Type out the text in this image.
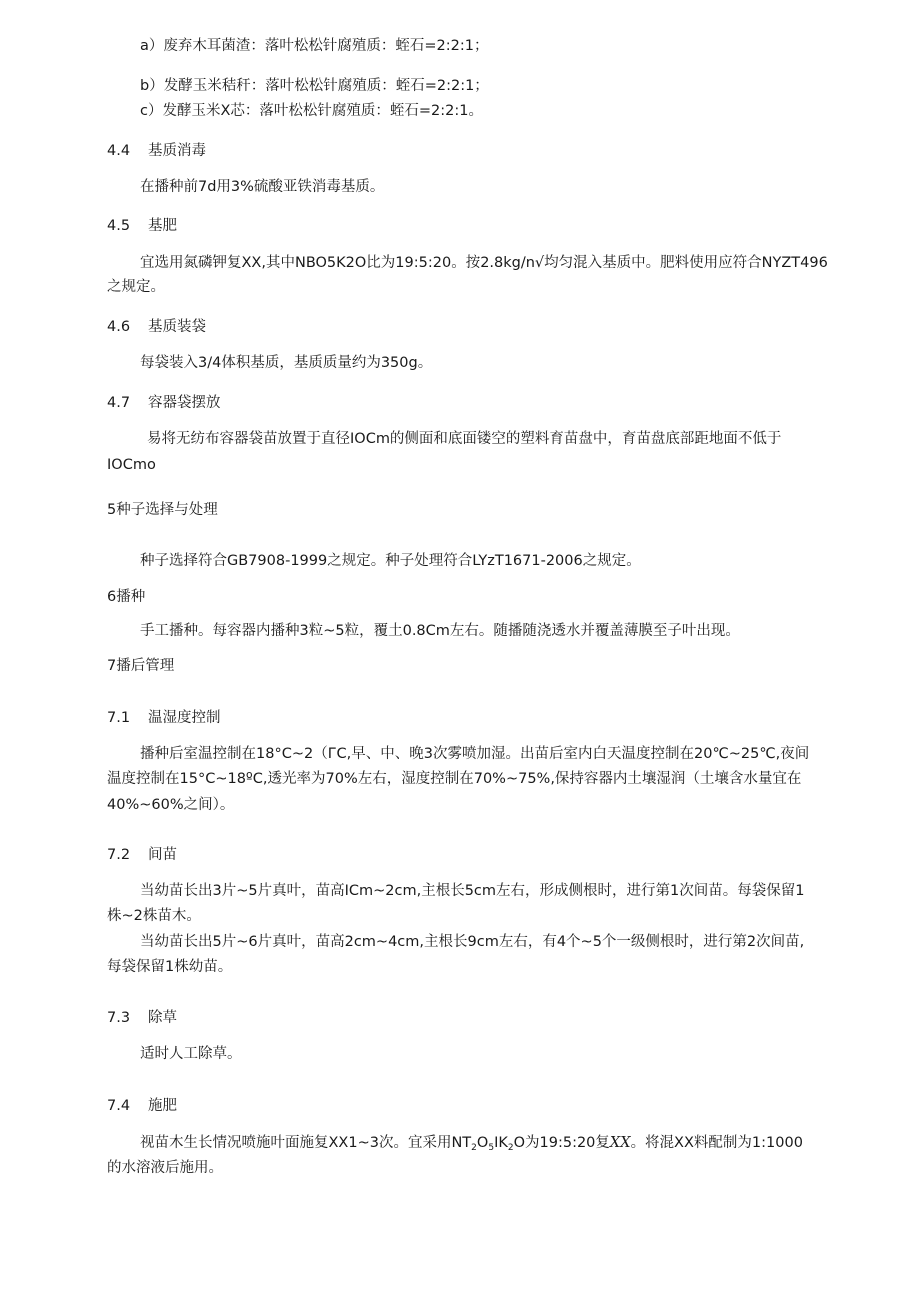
a）废弃木耳菌渣：落叶松松针腐殖质：蛭石=2:2:1；
b）发酵玉米秸秆：落叶松松针腐殖质：蛭石=2:2:1；
c）发酵玉米X芯：落叶松松针腐殖质：蛭石=2:2:1。
4.4 基质消毒
在播种前7d用3%硫酸亚铁消毒基质。
4.5 基肥
宜选用氮磷钾复XX,其中NBO5K2O比为19:5:20。按2.8kg∕n√均匀混入基质中。肥料使用应符合NYZT496
之规定。
4.6 基质装袋
每袋装入3/4体积基质，基质质量约为350g。
4.7 容器袋摆放
易将无纺布容器袋苗放置于直径IOCm的侧面和底面镂空的塑料育苗盘中，育苗盘底部距地面不低于
IOCmo
5种子选择与处理
种子选择符合GB7908-1999之规定。种子处理符合LYzT1671-2006之规定。
6播种
手工播种。每容器内播种3粒~5粒，覆土0.8Cm左右。随播随浇透水并覆盖薄膜至子叶出现。
7播后管理
7.1 温湿度控制
播种后室温控制在18°C~2（ГC,早、中、晚3次雾喷加湿。出苗后室内白天温度控制在20℃~25℃,夜间
温度控制在15°C~18ºC,透光率为70%左右，湿度控制在70%~75%,保持容器内土壤湿润（土壤含水量宜在
40%~60%之间）。
7.2 间苗
当幼苗长出3片~5片真叶，苗高ICm~2cm,主根长5cm左右，形成侧根时，进行第1次间苗。每袋保留1
株~2株苗木。
当幼苗长出5片~6片真叶，苗高2cm~4cm,主根长9cm左右，有4个~5个一级侧根时，进行第2次间苗,
每袋保留1株幼苗。
7.3 除草
适时人工除草。
7.4 施肥
视苗木生长情况喷施叶面施复XX1~3次。宜采用$NT_2O_5IK_2O$为19:5:20复XX。将混XX料配制为1:1000
的水溶液后施用。
